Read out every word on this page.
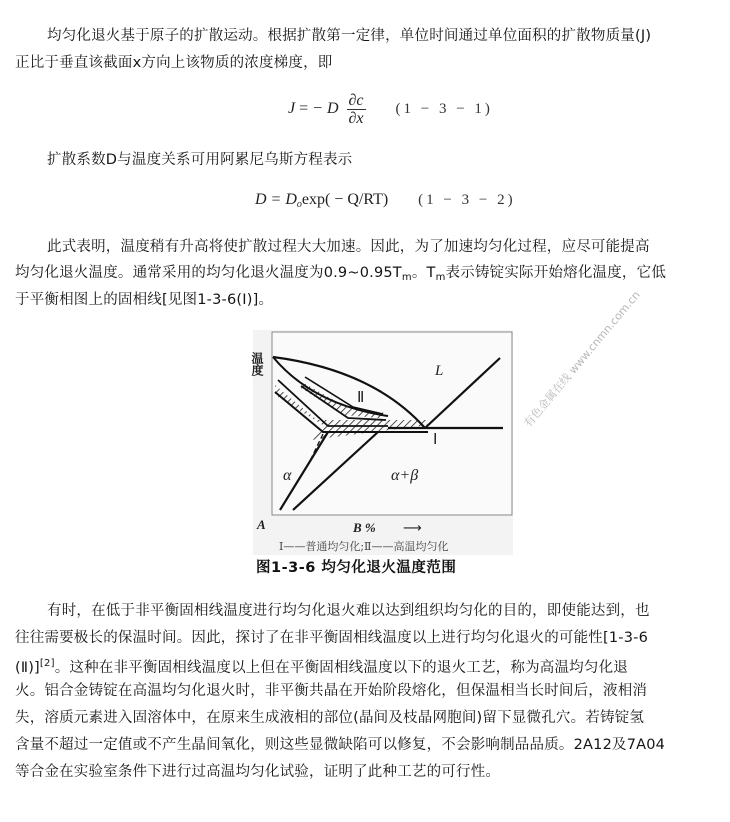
均匀化退火基于原子的扩散运动。根据扩散第一定律，单位时间通过单位面积的扩散物质量(J)
正比于垂直该截面x方向上该物质的浓度梯度，即
J = − D $\frac{\partial c}{\partial x} (1 - 3 - 1)$
扩散系数D与温度关系可用阿累尼乌斯方程表示
$D = D_o\exp( - Q/RT) (1 - 3 - 2)$
此式表明，温度稍有升高将使扩散过程大大加速。因此，为了加速均匀化过程，应尽可能提高
均匀化退火温度。通常采用的均匀化退火温度为$0.9\sim 0.95T_m$。$T_m$表示铸锭实际开始熔化温度，它低
于平衡相图上的固相线[见图1-3-6(Ⅰ)]。
温度	L
Ⅱ
Ⅰ
α	α+β
A	B % ⟶
Ⅰ——普通均匀化;Ⅱ——高温均匀化
有色金属在线 www.cnmn.com.cn
图1-3-6 均匀化退火温度范围
有时，在低于非平衡固相线温度进行均匀化退火难以达到组织均匀化的目的，即使能达到，也
往往需要极长的保温时间。因此，探讨了在非平衡固相线温度以上进行均匀化退火的可能性[1-3-6
(Ⅱ)][2]。这种在非平衡固相线温度以上但在平衡固相线温度以下的退火工艺，称为高温均匀化退
火。铝合金铸锭在高温均匀化退火时，非平衡共晶在开始阶段熔化，但保温相当长时间后，液相消
失，溶质元素进入固溶体中，在原来生成液相的部位(晶间及枝晶网胞间)留下显微孔穴。若铸锭氢
含量不超过一定值或不产生晶间氧化，则这些显微缺陷可以修复，不会影响制品品质。2A12及7A04
等合金在实验室条件下进行过高温均匀化试验，证明了此种工艺的可行性。
